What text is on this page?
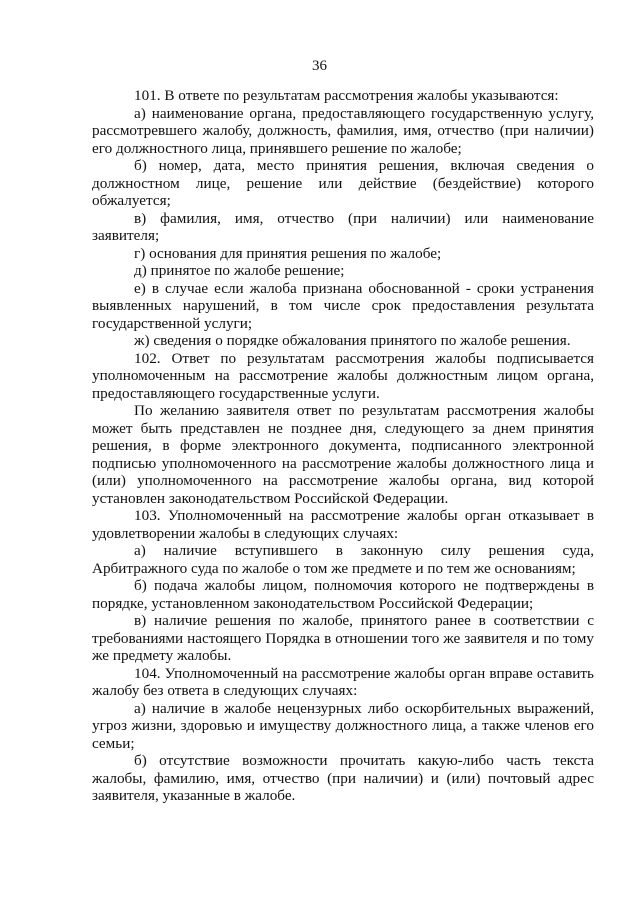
36

101. В ответе по результатам рассмотрения жалобы указываются:

а) наименование органа, предоставляющего государственную услугу, рассмотревшего жалобу, должность, фамилия, имя, отчество (при наличии) его должностного лица, принявшего решение по жалобе;

б) номер, дата, место принятия решения, включая сведения о должностном лице, решение или действие (бездействие) которого обжалуется;

в) фамилия, имя, отчество (при наличии) или наименование заявителя;

г) основания для принятия решения по жалобе;

д) принятое по жалобе решение;

е) в случае если жалоба признана обоснованной - сроки устранения выявленных нарушений, в том числе срок предоставления результата государственной услуги;

ж) сведения о порядке обжалования принятого по жалобе решения.

102. Ответ по результатам рассмотрения жалобы подписывается уполномоченным на рассмотрение жалобы должностным лицом органа, предоставляющего государственные услуги.

По желанию заявителя ответ по результатам рассмотрения жалобы может быть представлен не позднее дня, следующего за днем принятия решения, в форме электронного документа, подписанного электронной подписью уполномоченного на рассмотрение жалобы должностного лица и (или) уполномоченного на рассмотрение жалобы органа, вид которой установлен законодательством Российской Федерации.

103. Уполномоченный на рассмотрение жалобы орган отказывает в удовлетворении жалобы в следующих случаях:

а) наличие вступившего в законную силу решения суда, Арбитражного суда по жалобе о том же предмете и по тем же основаниям;

б) подача жалобы лицом, полномочия которого не подтверждены в порядке, установленном законодательством Российской Федерации;

в) наличие решения по жалобе, принятого ранее в соответствии с требованиями настоящего Порядка в отношении того же заявителя и по тому же предмету жалобы.

104. Уполномоченный на рассмотрение жалобы орган вправе оставить жалобу без ответа в следующих случаях:

а) наличие в жалобе нецензурных либо оскорбительных выражений, угроз жизни, здоровью и имуществу должностного лица, а также членов его семьи;

б) отсутствие возможности прочитать какую-либо часть текста жалобы, фамилию, имя, отчество (при наличии) и (или) почтовый адрес заявителя, указанные в жалобе.
